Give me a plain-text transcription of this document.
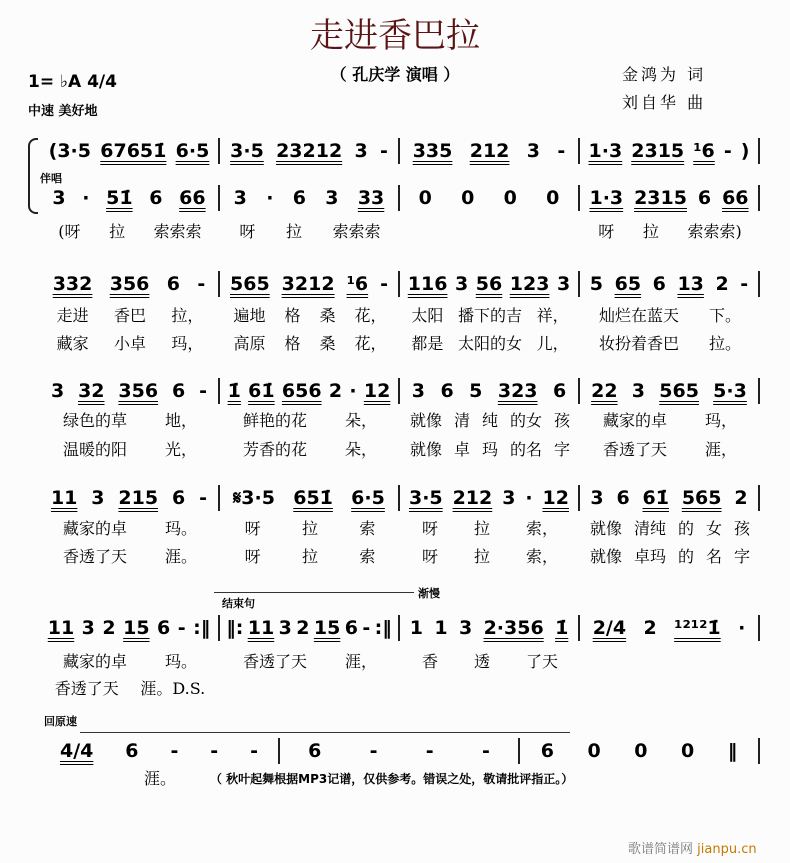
走进香巴拉
（ 孔庆学 演唱 ）
1= ♭A 4/4
中速 美好地
金鸿为 词
刘自华 曲
伴唱
结束句
渐慢
回原速
（ 秋叶起舞根据MP3记谱，仅供参考。错误之处，敬请批评指正。）
歌谱简谱网 jianpu.cn
(3·5 67651̇ 6·5 3·5 23212 3 - 335 212 3 - 1·3 2315 ¹6 - )
3 · 51̇ 6 66 3 · 6 3 33 0 0 0 0 1·3 2315 6 66
(呀 拉 索索索 呀 拉 索索索	呀 拉 索索索)
332 356 6 - 565 3212 ¹6 - 116 3 56 123 3 5 65 6 13 2 -
走进 香巴 拉， 遍地 格 桑 花， 太阳 播下的吉 祥， 灿烂在蓝天 下。
藏家 小卓 玛， 高原 格 桑 花， 都是 太阳的女 儿， 妆扮着香巴 拉。
3 32 356 6 - 1̇ 61̇ 656 2 · 12 3 6 5 323 6 22 3 565 5·3
绿色的草 地，	鲜艳的花 朵， 就像 清 纯 的女 孩 藏家的卓 玛，
温暖的阳 光，	芳香的花 朵， 就像 卓 玛 的名 字 香透了天 涯，
11 3 215 6 - 𝄋3·5 651̇ 6·5 3·5 212 3 · 12 3 6 61̇ 565 2
藏家的卓 玛。	呀	拉	索	呀 拉 索， 就像 清纯 的 女 孩
香透了天 涯。	呀	拉	索	呀 拉 索， 就像 卓玛 的 名 字
11 3 2 15 6 - :‖ ‖: 11 3 2 15 6 - :‖ 1 1 3 2·356 1̇ 2/4 2 ¹²¹²1̇ ·
藏家的卓 玛。	香透了天 涯，	香 透 了天
香透了天 涯。D.S.
4/4 6 - - -	6	-	-	-	6 0 0 0 ‖
涯。
